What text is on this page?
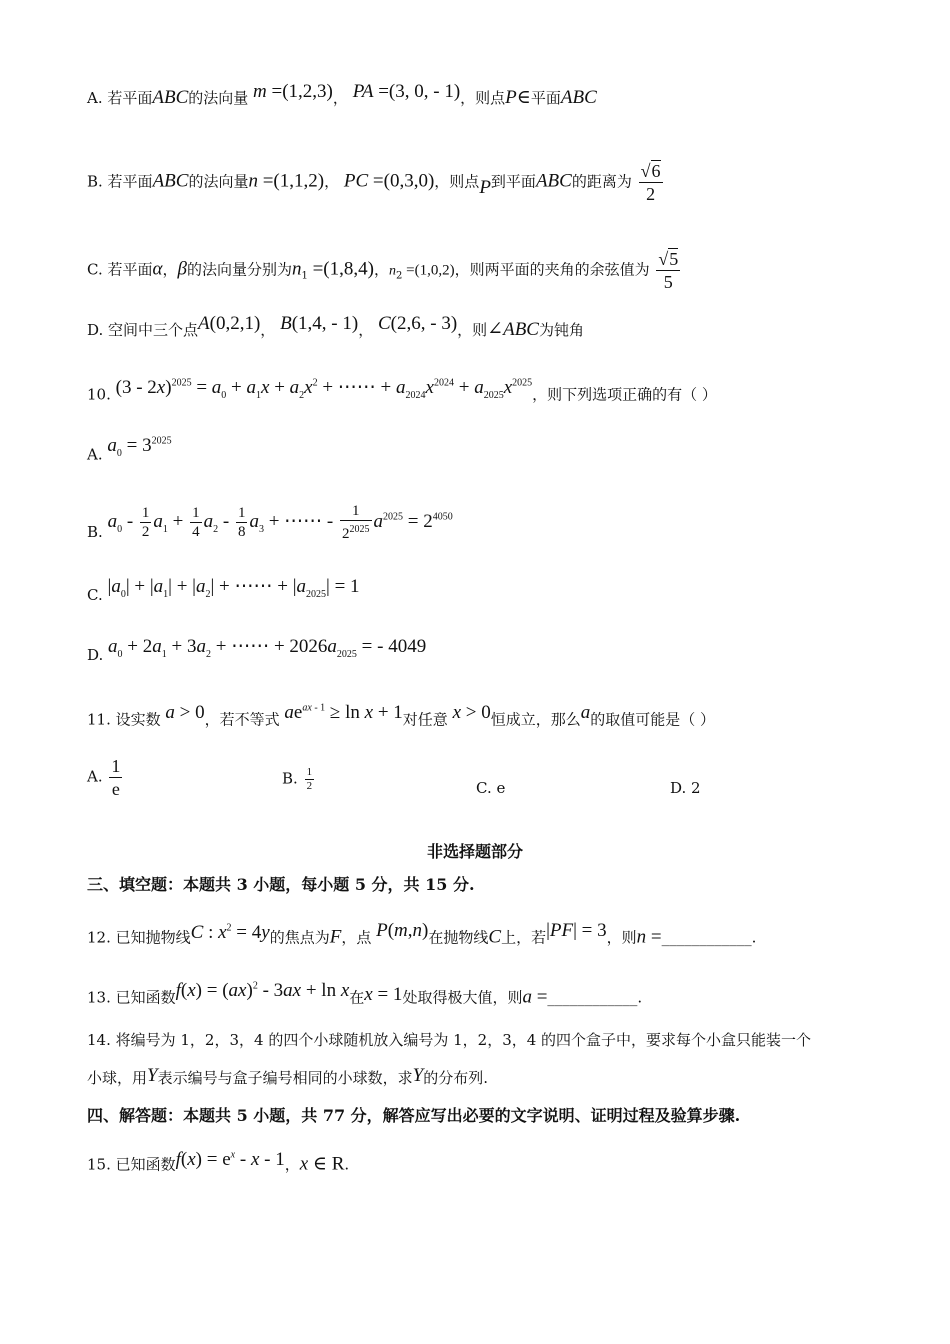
A. 若平面ABC的法向量 m =(1,2,3)， PA =(3, 0, - 1)，则点P∈平面ABC
B. 若平面ABC的法向量n =(1,1,2)， PC =(0,3,0)，则点P到平面ABC的距离为 $\frac{√6}{2}$
C. 若平面α，β的法向量分别为$n_1 =(1,8,4)$，$n_2 =(1,0,2)$，则两平面的夹角的余弦值为 $\frac{√5}{5}$
D. 空间中三个点A(0,2,1)， B(1,4, - 1)， C(2,6, - 3)，则∠ABC为钝角
10. $(3 - 2x)^{2025} = a_0 + a_1x + a_2x^2$ + ⋯⋯ + $a_{2024}x^{2024} + a_{2025}x^{2025}$，则下列选项正确的有（ ）
A. $a_0 = 3^{2025}$
B. $a_0 - \frac{1}{2} a_1 + \frac{1}{4} a_2 - \frac{1}{8} a_3$ + ⋯⋯ - $\frac{1}{2^{2025}} a^{2025} = 2^{4050}$
C. $|a_0| + |a_1| + |a_2|$ + ⋯⋯ + $|a_{2025}| = 1$
D. $a_0 + 2a_1 + 3a_2$ + ⋯⋯ + $2026a_{2025}$ = - 4049
11. 设实数 a > 0，若不等式 $ae^{ax - 1} \ge \ln x + 1$对任意 x > 0恒成立，那么a的取值可能是（ ）
A. $\frac{1}{e}$	B. $\frac{1}{2}$	C. e	D. 2
非选择题部分
三、填空题：本题共 3 小题，每小题 5 分，共 15 分.
12. 已知抛物线C : $x^2 = 4y$的焦点为F，点 P(m,n)在抛物线C上，若|PF| = 3，则n =____________.
13. 已知函数f(x) = (ax)$^2$ - 3ax + ln x在x = 1处取得极大值，则a =____________.
14. 将编号为 1，2，3，4 的四个小球随机放入编号为 1，2，3，4 的四个盒子中，要求每个小盒只能装一个
小球，用Y表示编号与盒子编号相同的小球数，求Y的分布列.
四、解答题：本题共 5 小题，共 77 分，解答应写出必要的文字说明、证明过程及验算步骤.
15. 已知函数$f(x) = e^x - x - 1$，x ∈ R.
